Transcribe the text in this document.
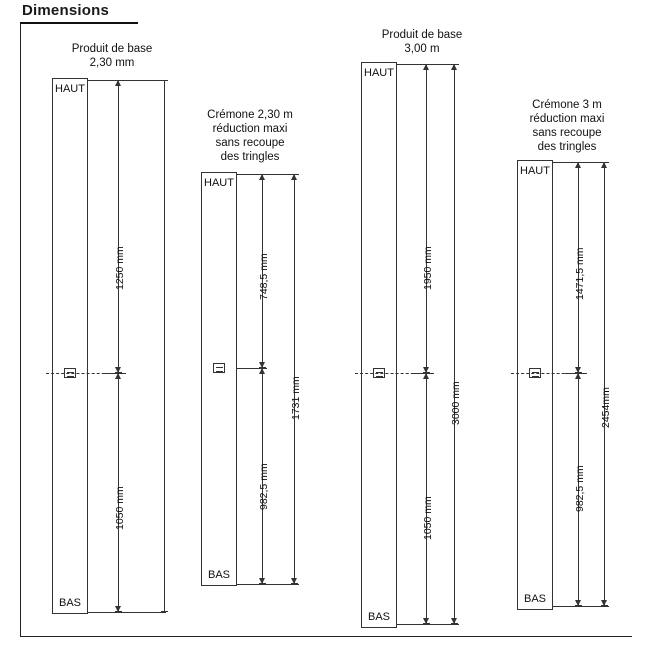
Dimensions
Produit de base
2,30 mm
HAUT
BAS
1250 mm
1050 mm
Crémone 2,30 m
réduction maxi
sans recoupe
des tringles
HAUT
BAS
748,5 mm
982,5 mm
1731 mm
Produit de base
3,00 m
HAUT
BAS
1950 mm
1050 mm
3000 mm
Crémone 3 m
réduction maxi
sans recoupe
des tringles
HAUT
BAS
1471,5 mm
982,5 mm
2454mm
